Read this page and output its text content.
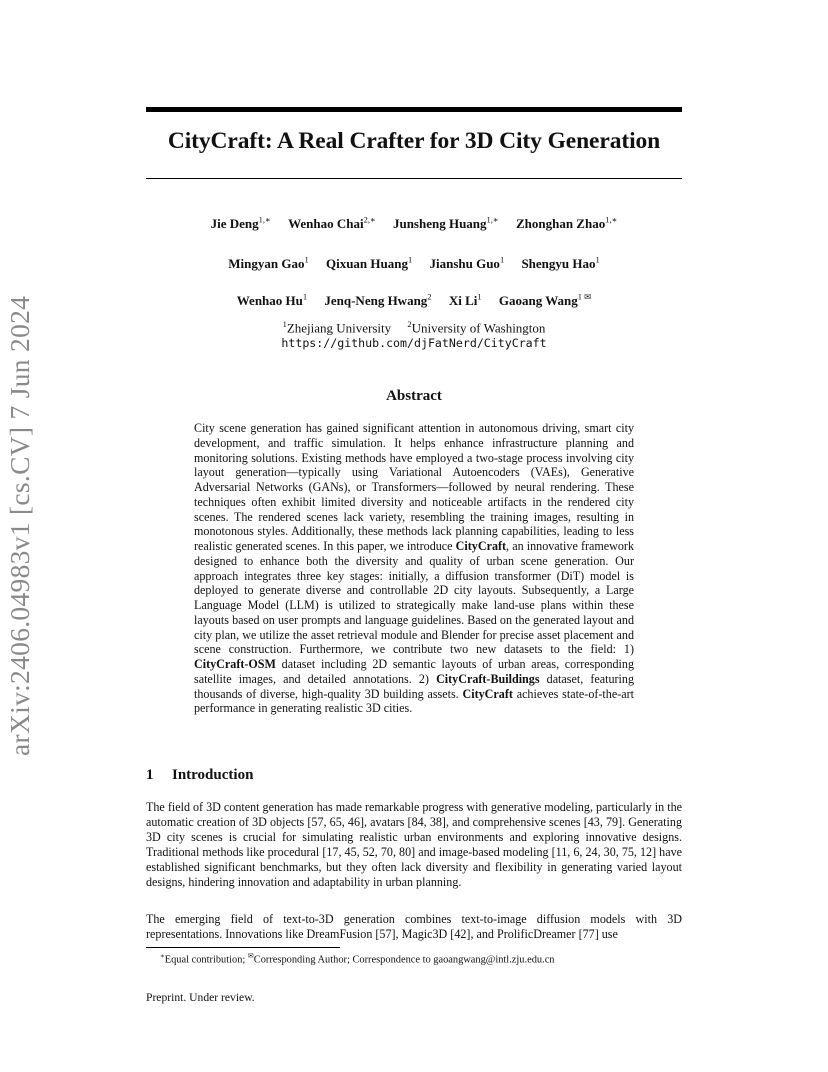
arXiv:2406.04983v1 [cs.CV] 7 Jun 2024
CityCraft: A Real Crafter for 3D City Generation
Jie Deng$^{1,∗}$ Wenhao Chai$^{2,∗}$ Junsheng Huang$^{1,∗}$ Zhonghan Zhao$^{1,∗}$
Mingyan Gao$^1$ Qixuan Huang$^1$ Jianshu Guo$^1$ Shengyu Hao$^1$
Wenhao Hu$^1$ Jenq-Neng Hwang$^2$ Xi Li$^1$ Gaoang Wang$^{1 ✉}$
$^1$Zhejiang University $^2$University of Washington
https://github.com/djFatNerd/CityCraft
Abstract

City scene generation has gained significant attention in autonomous driving, smart city development, and traffic simulation. It helps enhance infrastructure planning and monitoring solutions. Existing methods have employed a two-stage process involving city layout generation—typically using Variational Autoencoders (VAEs), Generative Adversarial Networks (GANs), or Transformers—followed by neural rendering. These techniques often exhibit limited diversity and noticeable artifacts in the rendered city scenes. The rendered scenes lack variety, resembling the training images, resulting in monotonous styles. Additionally, these methods lack planning capabilities, leading to less realistic generated scenes. In this paper, we introduce CityCraft, an innovative framework designed to enhance both the diversity and quality of urban scene generation. Our approach integrates three key stages: initially, a diffusion transformer (DiT) model is deployed to generate diverse and controllable 2D city layouts. Subsequently, a Large Language Model (LLM) is utilized to strategically make land-use plans within these layouts based on user prompts and language guidelines. Based on the generated layout and city plan, we utilize the asset retrieval module and Blender for precise asset placement and scene construction. Furthermore, we contribute two new datasets to the field: 1) CityCraft-OSM dataset including 2D semantic layouts of urban areas, corresponding satellite images, and detailed annotations. 2) CityCraft-Buildings dataset, featuring thousands of diverse, high-quality 3D building assets. CityCraft achieves state-of-the-art performance in generating realistic 3D cities.

1 Introduction

The field of 3D content generation has made remarkable progress with generative modeling, particularly in the automatic creation of 3D objects [57, 65, 46], avatars [84, 38], and comprehensive scenes [43, 79]. Generating 3D city scenes is crucial for simulating realistic urban environments and exploring innovative designs. Traditional methods like procedural [17, 45, 52, 70, 80] and image-based modeling [11, 6, 24, 30, 75, 12] have established significant benchmarks, but they often lack diversity and flexibility in generating varied layout designs, hindering innovation and adaptability in urban planning.

The emerging field of text-to-3D generation combines text-to-image diffusion models with 3D representations. Innovations like DreamFusion [57], Magic3D [42], and ProlificDreamer [77] use

∗Equal contribution; ✉Corresponding Author; Correspondence to gaoangwang@intl.zju.edu.cn
Preprint. Under review.
